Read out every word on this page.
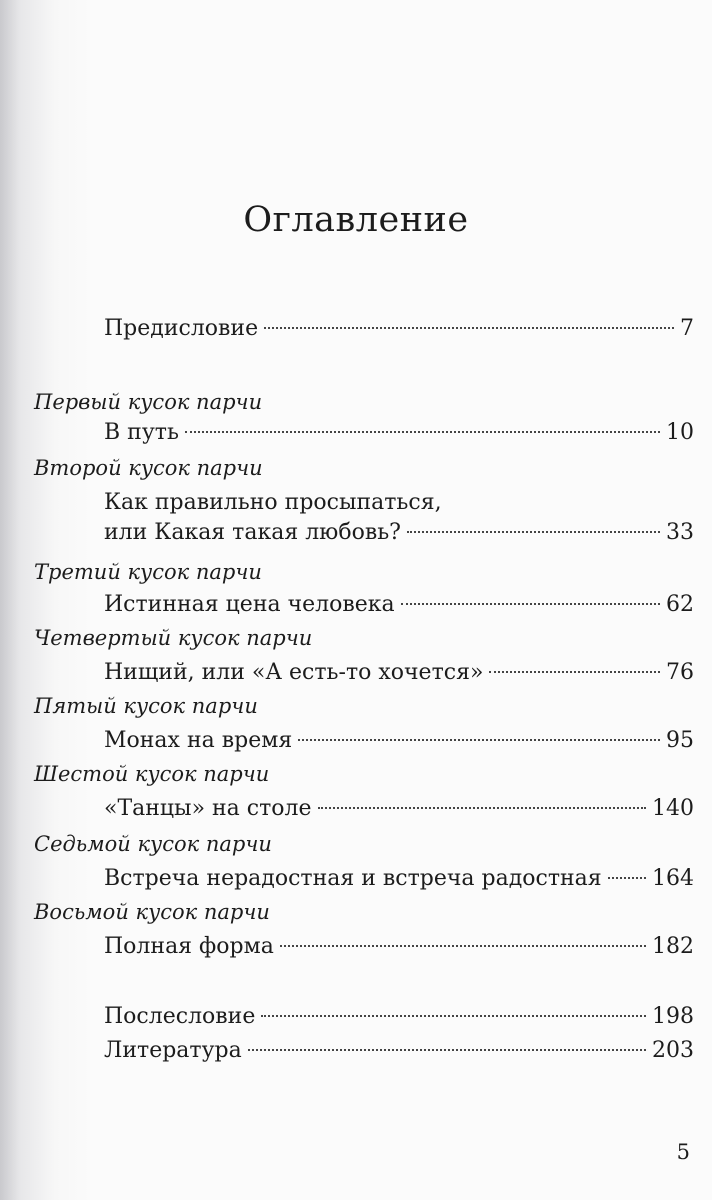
Оглавление
Предисловие	7
Первый кусок парчи
В путь	10
Второй кусок парчи
Как правильно просыпаться,
или Какая такая любовь?	33
Третий кусок парчи
Истинная цена человека	62
Четвертый кусок парчи
Нищий, или «А есть-то хочется»	76
Пятый кусок парчи
Монах на время	95
Шестой кусок парчи
«Танцы» на столе	140
Седьмой кусок парчи
Встреча нерадостная и встреча радостная 164
Восьмой кусок парчи
Полная форма	182
Послесловие	198
Литература	203
5
